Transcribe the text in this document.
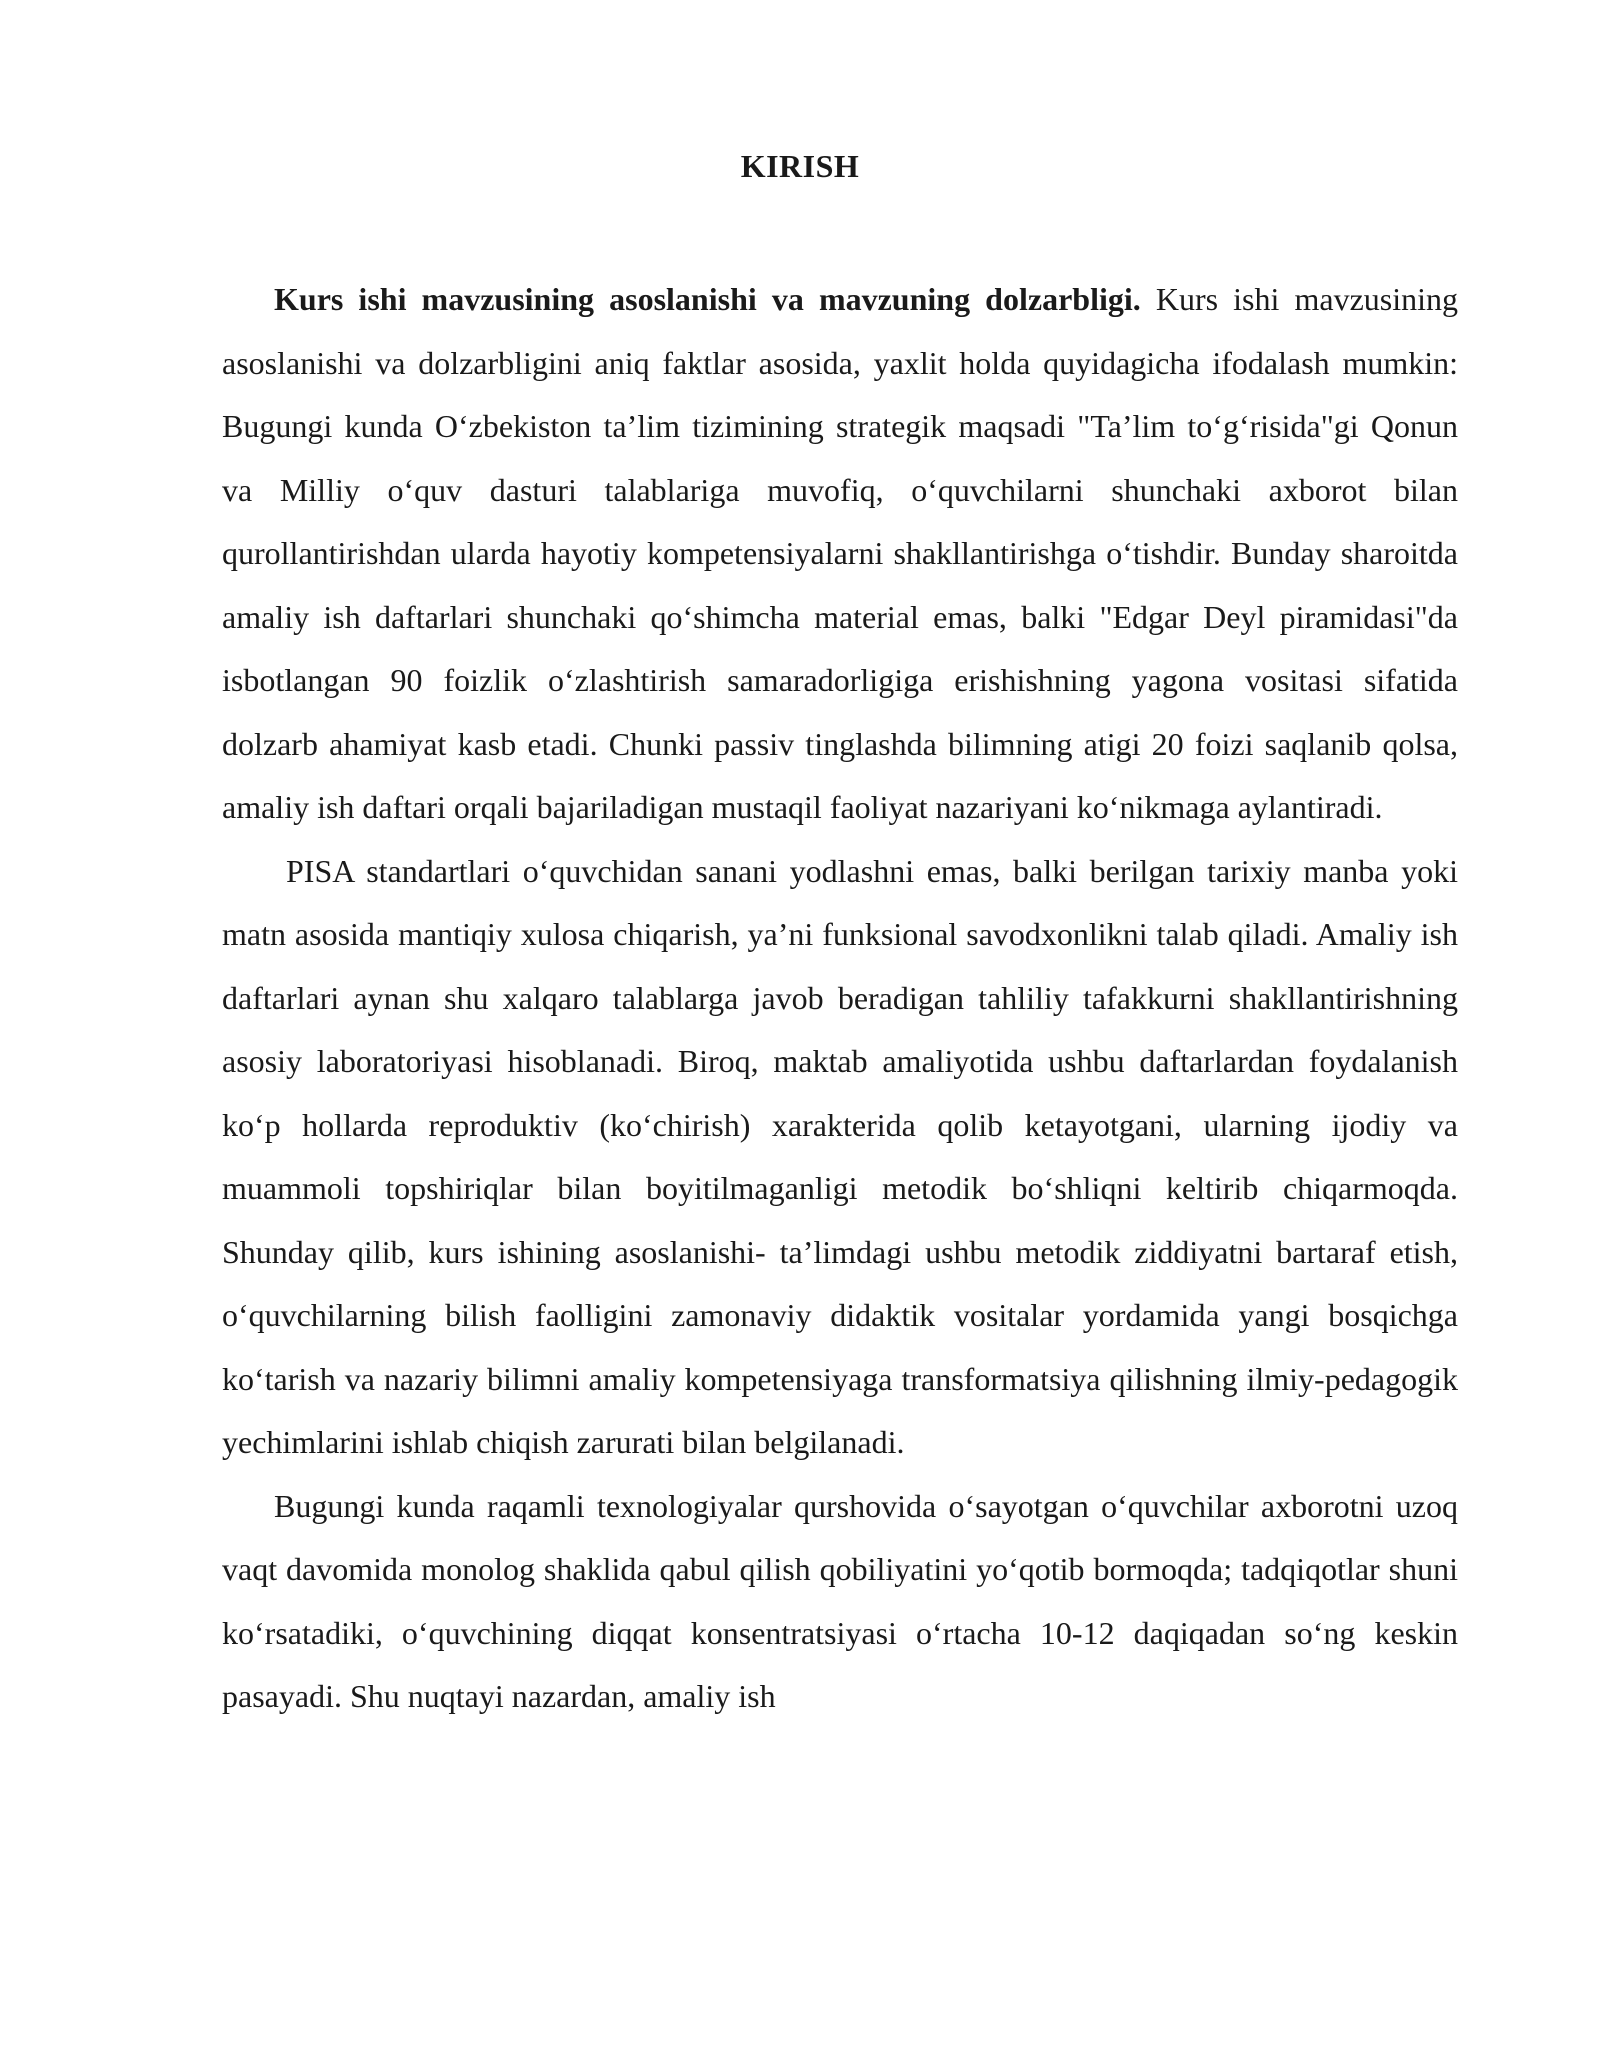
KIRISH

Kurs ishi mavzusining asoslanishi va mavzuning dolzarbligi. Kurs ishi mavzusining asoslanishi va dolzarbligini aniq faktlar asosida, yaxlit holda quyidagicha ifodalash mumkin: Bugungi kunda O‘zbekiston ta’lim tizimining strategik maqsadi "Ta’lim to‘g‘risida"gi Qonun va Milliy o‘quv dasturi talablariga muvofiq, o‘quvchilarni shunchaki axborot bilan qurollantirishdan ularda hayotiy kompetensiyalarni shakllantirishga o‘tishdir. Bunday sharoitda amaliy ish daftarlari shunchaki qo‘shimcha material emas, balki "Edgar Deyl piramidasi"da isbotlangan 90 foizlik o‘zlashtirish samaradorligiga erishishning yagona vositasi sifatida dolzarb ahamiyat kasb etadi. Chunki passiv tinglashda bilimning atigi 20 foizi saqlanib qolsa, amaliy ish daftari orqali bajariladigan mustaqil faoliyat nazariyani ko‘nikmaga aylantiradi.

PISA standartlari o‘quvchidan sanani yodlashni emas, balki berilgan tarixiy manba yoki matn asosida mantiqiy xulosa chiqarish, ya’ni funksional savodxonlikni talab qiladi. Amaliy ish daftarlari aynan shu xalqaro talablarga javob beradigan tahliliy tafakkurni shakllantirishning asosiy laboratoriyasi hisoblanadi. Biroq, maktab amaliyotida ushbu daftarlardan foydalanish ko‘p hollarda reproduktiv (ko‘chirish) xarakterida qolib ketayotgani, ularning ijodiy va muammoli topshiriqlar bilan boyitilmaganligi metodik bo‘shliqni keltirib chiqarmoqda. Shunday qilib, kurs ishining asoslanishi- ta’limdagi ushbu metodik ziddiyatni bartaraf etish, o‘quvchilarning bilish faolligini zamonaviy didaktik vositalar yordamida yangi bosqichga ko‘tarish va nazariy bilimni amaliy kompetensiyaga transformatsiya qilishning ilmiy-pedagogik yechimlarini ishlab chiqish zarurati bilan belgilanadi.

Bugungi kunda raqamli texnologiyalar qurshovida o‘sayotgan o‘quvchilar axborotni uzoq vaqt davomida monolog shaklida qabul qilish qobiliyatini yo‘qotib bormoqda; tadqiqotlar shuni ko‘rsatadiki, o‘quvchining diqqat konsentratsiyasi o‘rtacha 10-12 daqiqadan so‘ng keskin pasayadi. Shu nuqtayi nazardan, amaliy ish
